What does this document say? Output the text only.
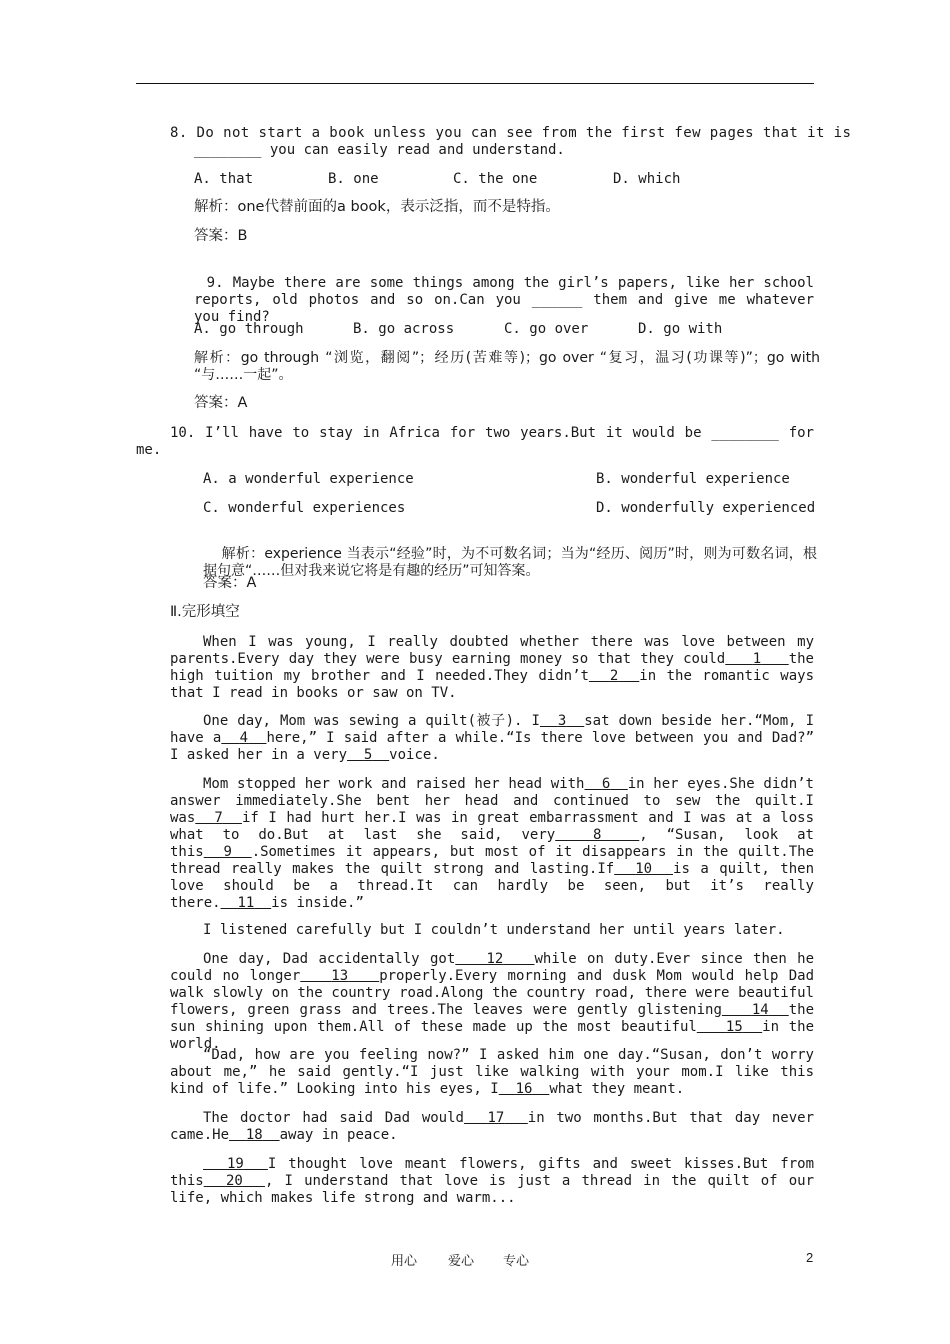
8. Do not start a book unless you can see from the first few pages that it is
________ you can easily read and understand.
A. that	B. one	C. the one	D. which
解析：one代替前面的a book，表示泛指，而不是特指。
答案：B

9. Maybe there are some things among the girl’s papers, like her school reports, old photos and so on.Can you ______ them and give me whatever you find?

A. go through	B. go across	C. go over	D. go with
解析：go through “浏览，翻阅”；经历(苦难等)；go over “复习，温习(功课等)”；go with “与……一起”。
答案：A
10. I’ll have to stay in Africa for two years.But it would be ________ for me.
A. a wonderful experience	B. wonderful experience
C. wonderful experiences	D. wonderfully experienced

解析：experience 当表示“经验”时，为不可数名词；当为“经历、阅历”时，则为可数名词，根据句意“……但对我来说它将是有趣的经历”可知答案。

答案：A
Ⅱ.完形填空
When I was young, I really doubted whether there was love between my parents.Every day they were busy earning money so that they could 1 the high tuition my brother and I needed.They didn’t 2 in the romantic ways that I read in books or saw on TV.
One day, Mom was sewing a quilt(被子). I 3 sat down beside her.“Mom, I have a 4 here,” I said after a while.“Is there love between you and Dad?” I asked her in a very 5 voice.
Mom stopped her work and raised her head with 6 in her eyes.She didn’t answer immediately.She bent her head and continued to sew the quilt.I was 7 if I had hurt her.I was in great embarrassment and I was at a loss what to do.But at last she said, very	8	, “Susan, look at this 9 .Sometimes it appears, but most of it disappears in the quilt.The thread really makes the quilt strong and lasting.If 10 is a quilt, then love should be a thread.It can hardly be seen, but it’s really there. 11 is inside.”
I listened carefully but I couldn’t understand her until years later.
One day, Dad accidentally got 12 while on duty.Ever since then he could no longer 13 properly.Every morning and dusk Mom would help Dad walk slowly on the country road.Along the country road, there were beautiful flowers, green grass and trees.The leaves were gently glistening 14 the sun shining upon them.All of these made up the most beautiful 15 in the world.
“Dad, how are you feeling now?” I asked him one day.“Susan, don’t worry about me,” he said gently.“I just like walking with your mom.I like this kind of life.” Looking into his eyes, I 16 what they meant.
The doctor had said Dad would 17 in two months.But that day never came.He 18 away in peace.
19 I thought love meant flowers, gifts and sweet kisses.But from this 20 , I understand that love is just a thread in the quilt of our life, which makes life strong and warm...
用心 爱心 专心	2
